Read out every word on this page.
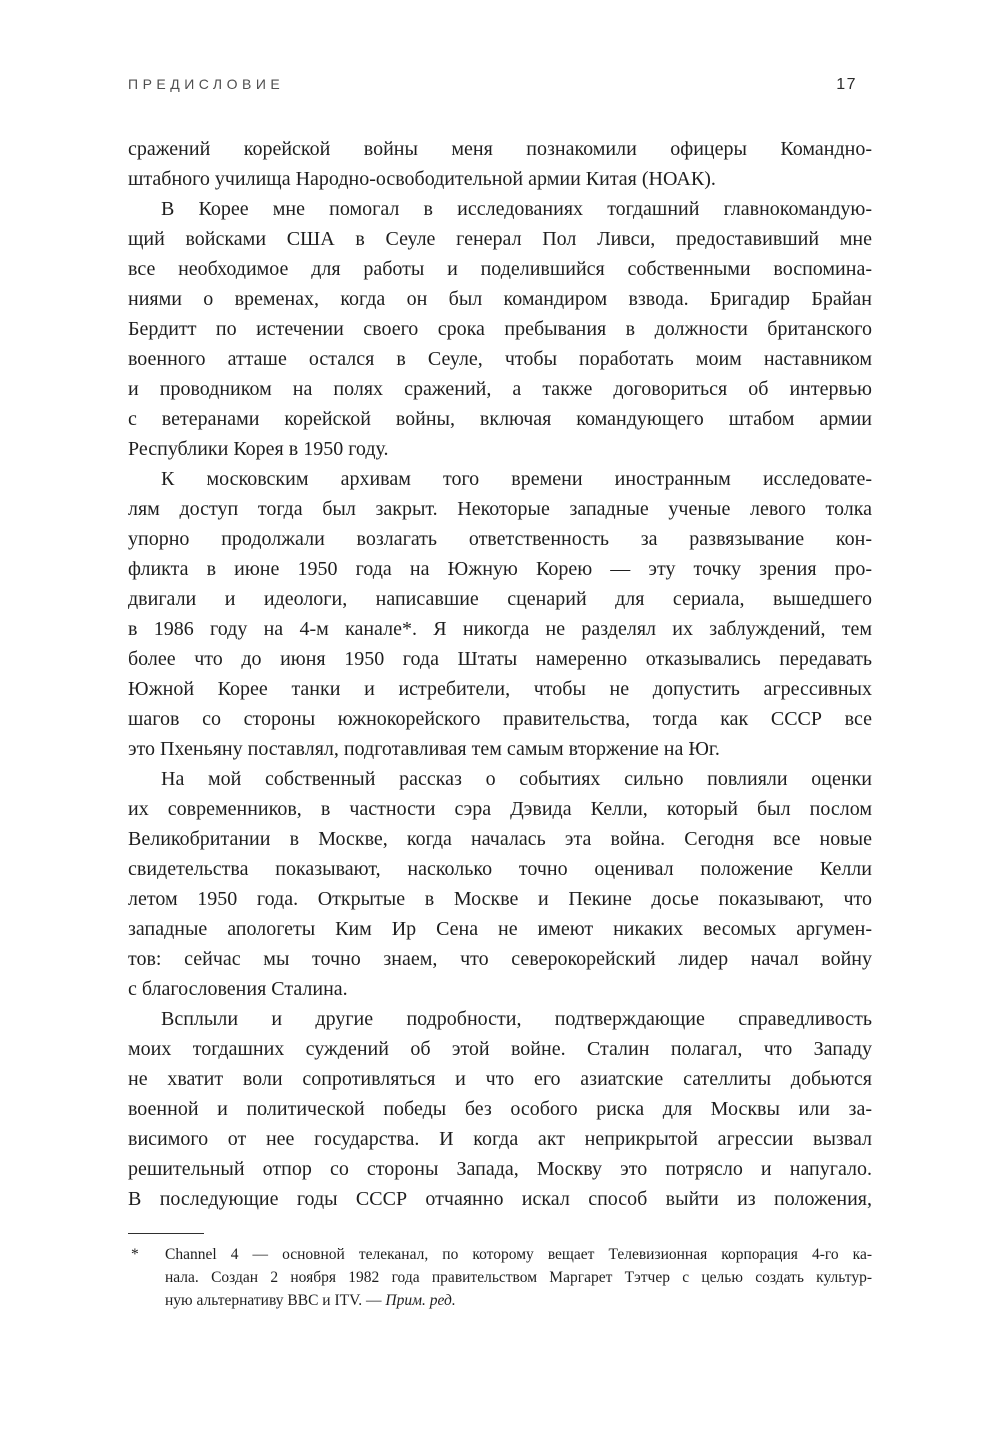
ПРЕДИСЛОВИЕ	17
сражений корейской войны меня познакомили офицеры Командно-
штабного училища Народно-освободительной армии Китая (НОАК).
В Корее мне помогал в исследованиях тогдашний главнокомандую-
щий войсками США в Сеуле генерал Пол Ливси, предоставивший мне
все необходимое для работы и поделившийся собственными воспомина-
ниями о временах, когда он был командиром взвода. Бригадир Брайан
Бердитт по истечении своего срока пребывания в должности британского
военного атташе остался в Сеуле, чтобы поработать моим наставником
и проводником на полях сражений, а также договориться об интервью
с ветеранами корейской войны, включая командующего штабом армии
Республики Корея в 1950 году.
К московским архивам того времени иностранным исследовате-
лям доступ тогда был закрыт. Некоторые западные ученые левого толка
упорно продолжали возлагать ответственность за развязывание кон-
фликта в июне 1950 года на Южную Корею — эту точку зрения про-
двигали и идеологи, написавшие сценарий для сериала, вышедшего
в 1986 году на 4-м канале*. Я никогда не разделял их заблуждений, тем
более что до июня 1950 года Штаты намеренно отказывались передавать
Южной Корее танки и истребители, чтобы не допустить агрессивных
шагов со стороны южнокорейского правительства, тогда как СССР все
это Пхеньяну поставлял, подготавливая тем самым вторжение на Юг.
На мой собственный рассказ о событиях сильно повлияли оценки
их современников, в частности сэра Дэвида Келли, который был послом
Великобритании в Москве, когда началась эта война. Сегодня все новые
свидетельства показывают, насколько точно оценивал положение Келли
летом 1950 года. Открытые в Москве и Пекине досье показывают, что
западные апологеты Ким Ир Сена не имеют никаких весомых аргумен-
тов: сейчас мы точно знаем, что северокорейский лидер начал войну
с благословения Сталина.
Всплыли и другие подробности, подтверждающие справедливость
моих тогдашних суждений об этой войне. Сталин полагал, что Западу
не хватит воли сопротивляться и что его азиатские сателлиты добьются
военной и политической победы без особого риска для Москвы или за-
висимого от нее государства. И когда акт неприкрытой агрессии вызвал
решительный отпор со стороны Запада, Москву это потрясло и напугало.
В последующие годы СССР отчаянно искал способ выйти из положения,
* Channel 4 — основной телеканал, по которому вещает Телевизионная корпорация 4-го ка-
нала. Создан 2 ноября 1982 года правительством Маргарет Тэтчер с целью создать культур-
ную альтернативу BBC и ITV. — Прим. ред.
